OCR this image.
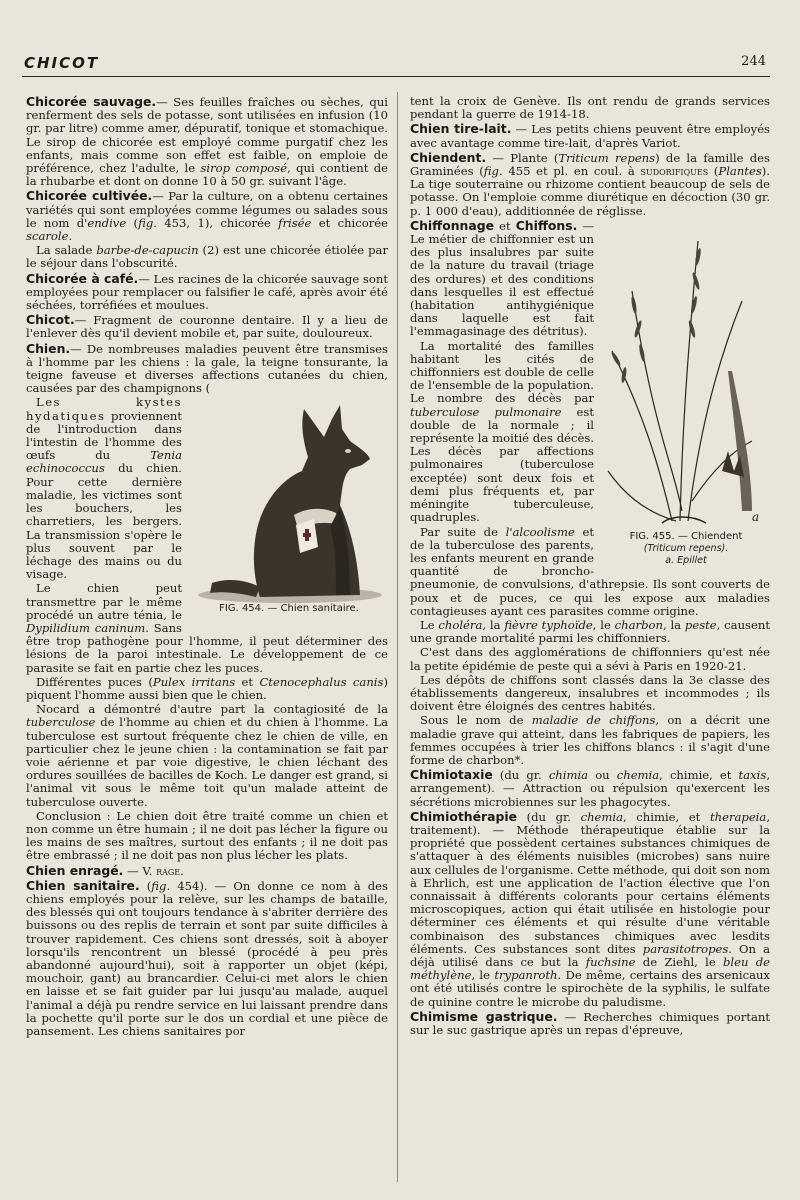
CHICOT	244

Chicorée sauvage.— Ses feuilles fraîches ou sèches, qui renferment des sels de potasse, sont utilisées en infusion (10 gr. par litre) comme amer, dépuratif, tonique et stomachique. Le sirop de chicorée est employé comme purgatif chez les enfants, mais comme son effet est faible, on emploie de préférence, chez l'adulte, le sirop composé, qui contient de la rhubarbe et dont on donne 10 à 50 gr. suivant l'âge.

Chicorée cultivée.— Par la culture, on a obtenu certaines variétés qui sont employées comme légumes ou salades sous le nom d'endive (fig. 453, 1), chicorée frisée et chicorée scarole.

La salade barbe-de-capucin (2) est une chicorée étiolée par le séjour dans l'obscurité.

Chicorée à café.— Les racines de la chicorée sauvage sont employées pour remplacer ou falsifier le café, après avoir été séchées, torréfiées et moulues.

Chicot.— Fragment de couronne dentaire. Il y a lieu de l'enlever dès qu'il devient mobile et, par suite, douloureux.

Chien.— De nombreuses maladies peuvent être transmises à l'homme par les chiens : la gale, la teigne tonsurante, la teigne faveuse et diverses affections cutanées du chien, causées par des champignons (
FIG. 454. — Chien sanitaire.

Les kystes hydatiques proviennent de l'introduction dans l'intestin de l'homme des œufs du Tenia echinococcus du chien. Pour cette dernière maladie, les victimes sont les bouchers, les charretiers, les bergers. La transmission s'opère le plus souvent par le léchage des mains ou du visage.

Le chien peut transmettre par le même procédé un autre ténia, le Dypilidium caninum. Sans être trop pathogène pour l'homme, il peut déterminer des lésions de la paroi intestinale. Le développement de ce parasite se fait en partie chez les puces.

Différentes puces (Pulex irritans et Ctenocephalus canis) piquent l'homme aussi bien que le chien.

Nocard a démontré d'autre part la contagiosité de la tuberculose de l'homme au chien et du chien à l'homme. La tuberculose est surtout fréquente chez le chien de ville, en particulier chez le jeune chien : la contamination se fait par voie aérienne et par voie digestive, le chien léchant des ordures souillées de bacilles de Koch. Le danger est grand, si l'animal vit sous le même toit qu'un malade atteint de tuberculose ouverte.

Conclusion : Le chien doit être traité comme un chien et non comme un être humain ; il ne doit pas lécher la figure ou les mains de ses maîtres, surtout des enfants ; il ne doit pas être embrassé ; il ne doit pas non plus lécher les plats.

Chien enragé. — V. rage.

Chien sanitaire. (fig. 454). — On donne ce nom à des chiens employés pour la relève, sur les champs de bataille, des blessés qui ont toujours tendance à s'abriter derrière des buissons ou des replis de terrain et sont par suite difficiles à trouver rapidement. Ces chiens sont dressés, soit à aboyer lorsqu'ils rencontrent un blessé (procédé à peu près abandonné aujourd'hui), soit à rapporter un objet (képi, mouchoir, gant) au brancardier. Celui-ci met alors le chien en laisse et se fait guider par lui jusqu'au malade, auquel l'animal a déjà pu rendre service en lui laissant prendre dans la pochette qu'il porte sur le dos un cordial et une pièce de pansement. Les chiens sanitaires por

tent la croix de Genève. Ils ont rendu de grands services pendant la guerre de 1914-18.

Chien tire-lait. — Les petits chiens peuvent être employés avec avantage comme tire-lait, d'après Variot.

Chiendent. — Plante (Triticum repens) de la famille des Graminées (fig. 455 et pl. en coul. à sudorifiques (Plantes). La tige souterraine ou rhizome contient beaucoup de sels de potasse. On l'emploie comme diurétique en décoction (30 gr. p. 1 000 d'eau), additionnée de réglisse.

a
FIG. 455. — Chiendent
(Triticum repens).
a. Epillet

Chiffonnage et Chiffons. — Le métier de chiffonnier est un des plus insalubres par suite de la nature du travail (triage des ordures) et des conditions dans lesquelles il est effectué (habitation antihygiénique dans laquelle est fait l'emmagasinage des détritus).

La mortalité des familles habitant les cités de chiffonniers est double de celle de l'ensemble de la population. Le nombre des décès par tuberculose pulmonaire est double de la normale ; il représente la moitié des décès. Les décès par affections pulmonaires (tuberculose exceptée) sont deux fois et demi plus fréquents et, par méningite tuberculeuse, quadruples.

Par suite de l'alcoolisme et de la tuberculose des parents, les enfants meurent en grande quantité de broncho-pneumonie, de convulsions, d'athrepsie. Ils sont couverts de poux et de puces, ce qui les expose aux maladies contagieuses ayant ces parasites comme origine.

Le choléra, la fièvre typhoïde, le charbon, la peste, causent une grande mortalité parmi les chiffonniers.

C'est dans des agglomérations de chiffonniers qu'est née la petite épidémie de peste qui a sévi à Paris en 1920-21.

Les dépôts de chiffons sont classés dans la 3e classe des établissements dangereux, insalubres et incommodes ; ils doivent être éloignés des centres habités.

Sous le nom de maladie de chiffons, on a décrit une maladie grave qui atteint, dans les fabriques de papiers, les femmes occupées à trier les chiffons blancs : il s'agit d'une forme de charbon*.

Chimiotaxie (du gr. chimia ou chemia, chimie, et taxis, arrangement). — Attraction ou répulsion qu'exercent les sécrétions microbiennes sur les phagocytes.

Chimiothérapie (du gr. chemia, chimie, et therapeia, traitement). — Méthode thérapeutique établie sur la propriété que possèdent certaines substances chimiques de s'attaquer à des éléments nuisibles (microbes) sans nuire aux cellules de l'organisme. Cette méthode, qui doit son nom à Ehrlich, est une application de l'action élective que l'on connaissait à différents colorants pour certains éléments microscopiques, action qui était utilisée en histologie pour déterminer ces éléments et qui résulte d'une véritable combinaison des substances chimiques avec lesdits éléments. Ces substances sont dites parasitotropes. On a déjà utilisé dans ce but la fuchsine de Ziehl, le bleu de méthylène, le trypanroth. De même, certains des arsenicaux ont été utilisés contre le spirochète de la syphilis, le sulfate de quinine contre le microbe du paludisme.

Chimisme gastrique. — Recherches chimiques portant sur le suc gastrique après un repas d'épreuve,
